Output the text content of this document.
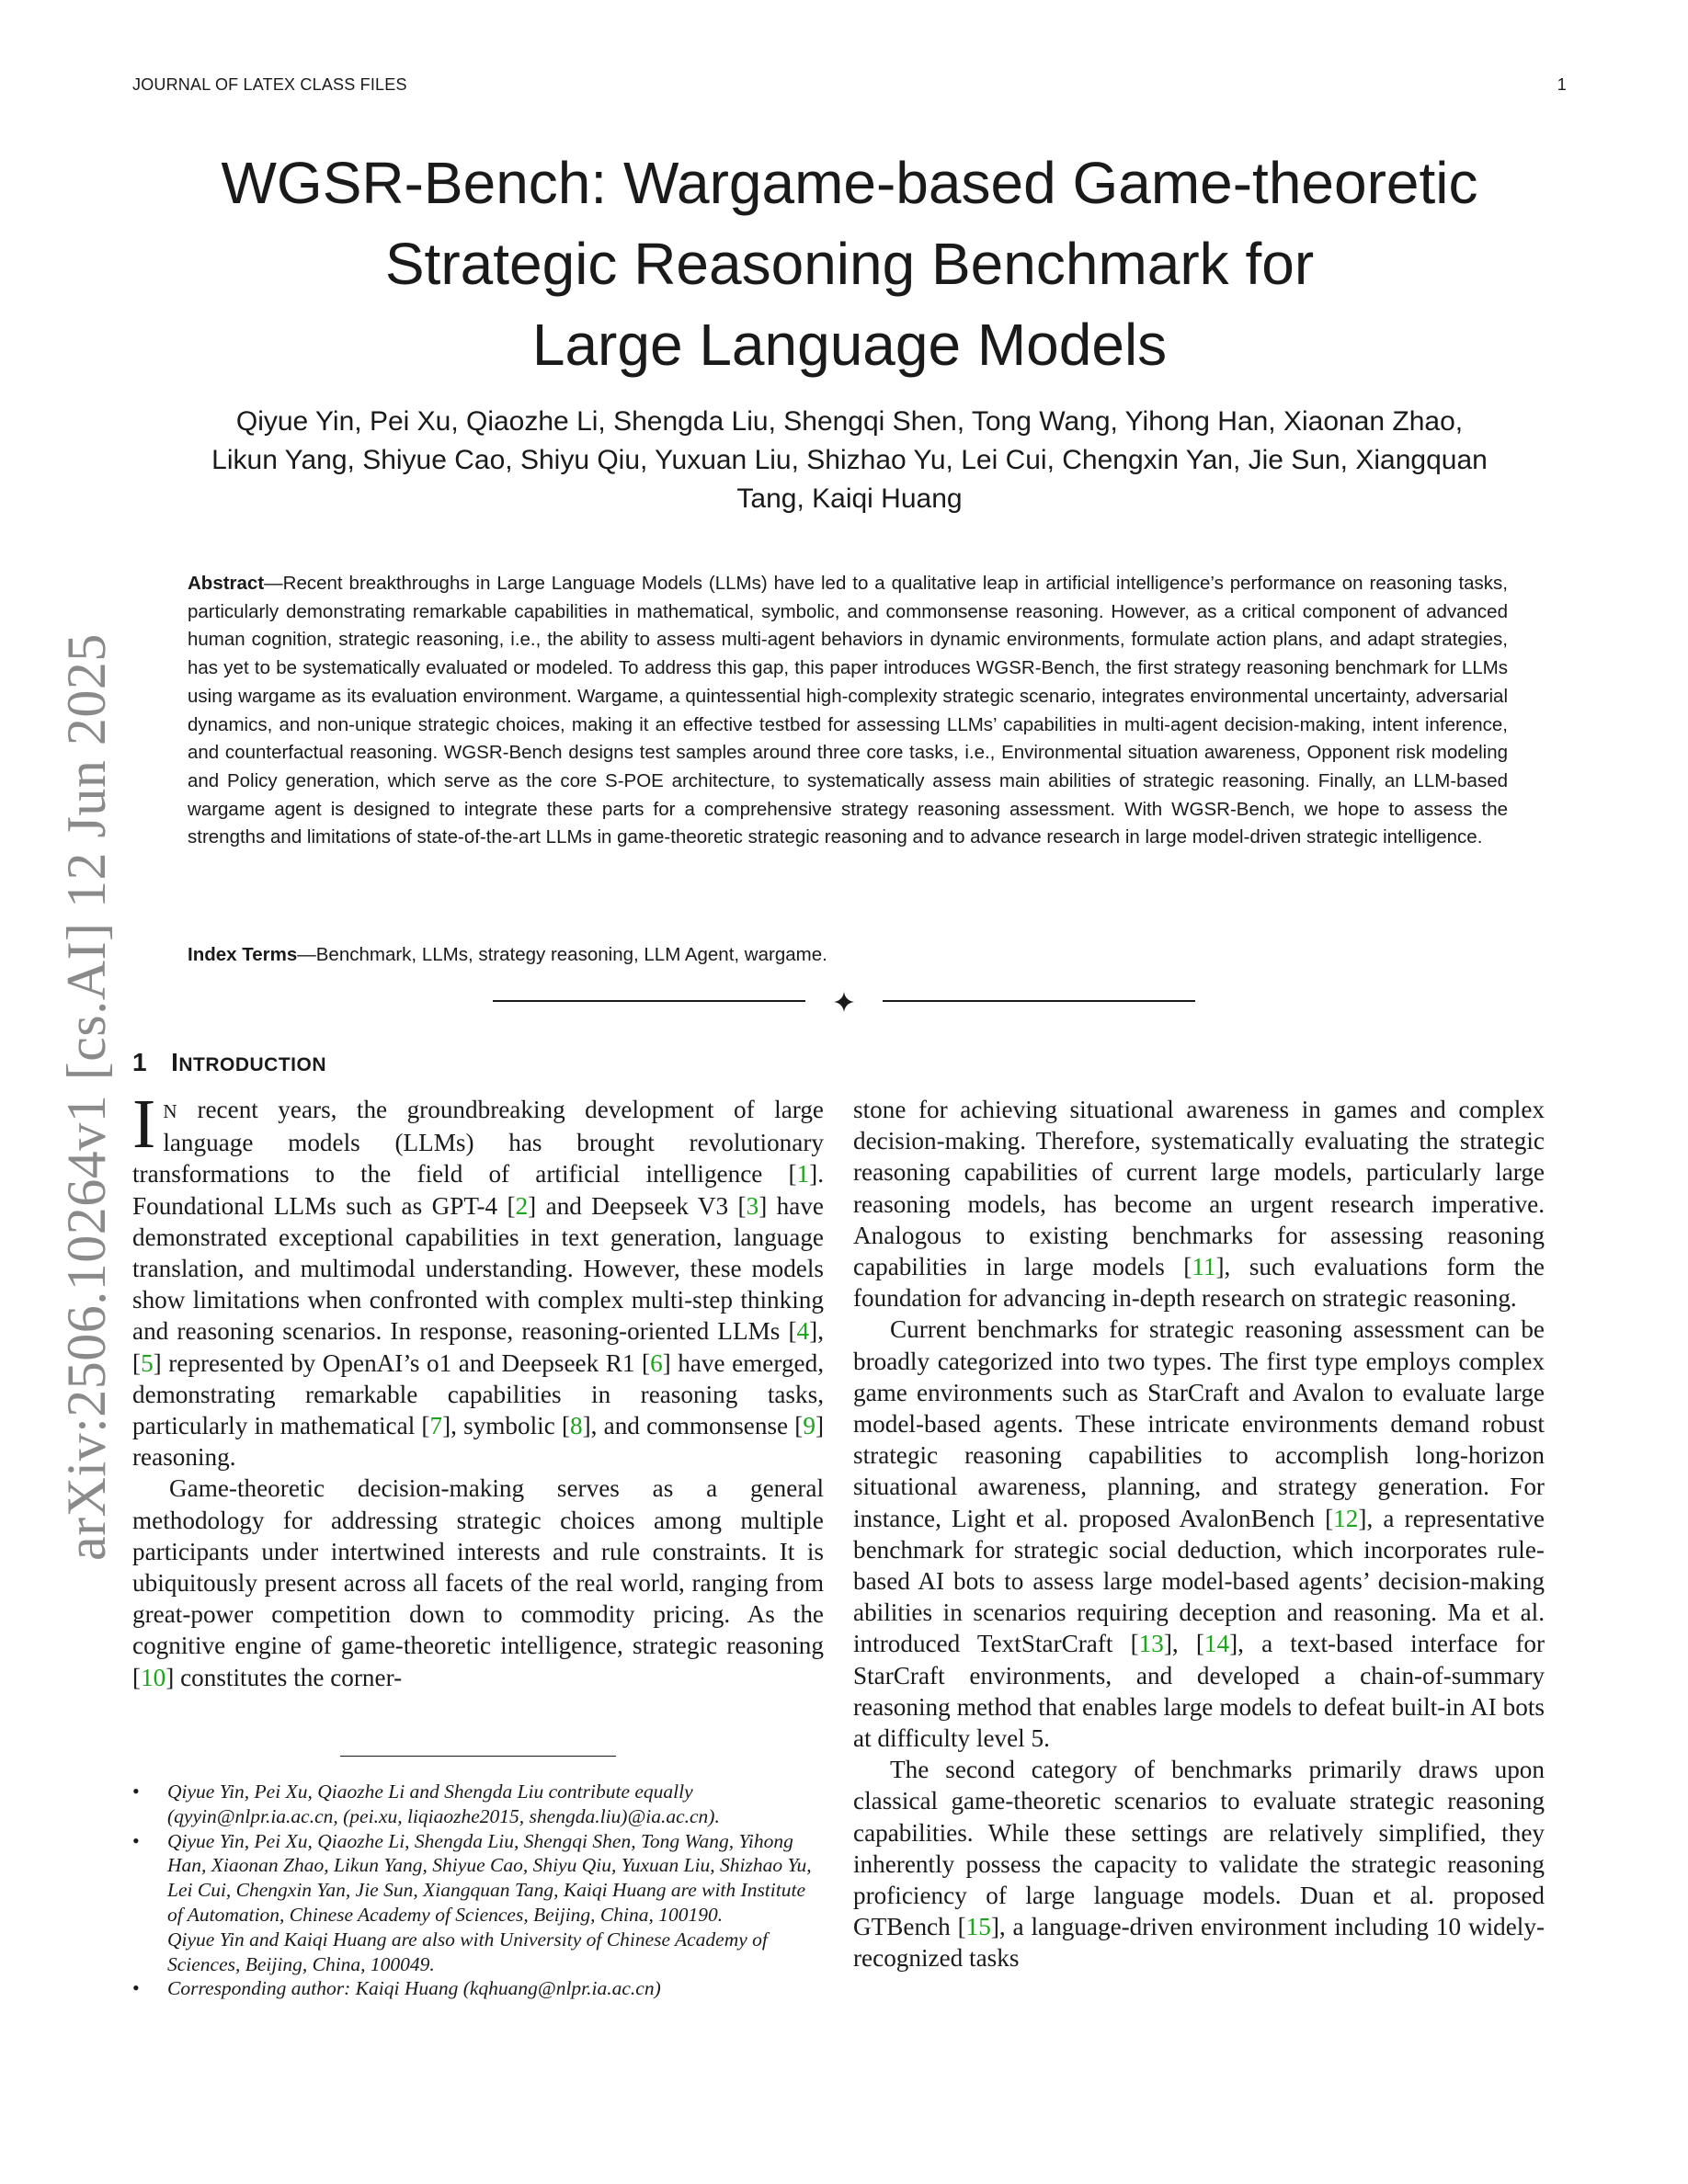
JOURNAL OF LATEX CLASS FILES	1
WGSR-Bench: Wargame-based Game-theoretic
Strategic Reasoning Benchmark for
Large Language Models
Qiyue Yin, Pei Xu, Qiaozhe Li, Shengda Liu, Shengqi Shen, Tong Wang, Yihong Han, Xiaonan Zhao,
Likun Yang, Shiyue Cao, Shiyu Qiu, Yuxuan Liu, Shizhao Yu, Lei Cui, Chengxin Yan, Jie Sun, Xiangquan
Tang, Kaiqi Huang
Abstract—Recent breakthroughs in Large Language Models (LLMs) have led to a qualitative leap in artificial intelligence’s performance on reasoning tasks, particularly demonstrating remarkable capabilities in mathematical, symbolic, and commonsense reasoning. However, as a critical component of advanced human cognition, strategic reasoning, i.e., the ability to assess multi-agent behaviors in dynamic environments, formulate action plans, and adapt strategies, has yet to be systematically evaluated or modeled. To address this gap, this paper introduces WGSR-Bench, the first strategy reasoning benchmark for LLMs using wargame as its evaluation environment. Wargame, a quintessential high-complexity strategic scenario, integrates environmental uncertainty, adversarial dynamics, and non-unique strategic choices, making it an effective testbed for assessing LLMs’ capabilities in multi-agent decision-making, intent inference, and counterfactual reasoning. WGSR-Bench designs test samples around three core tasks, i.e., Environmental situation awareness, Opponent risk modeling and Policy generation, which serve as the core S-POE architecture, to systematically assess main abilities of strategic reasoning. Finally, an LLM-based wargame agent is designed to integrate these parts for a comprehensive strategy reasoning assessment. With WGSR-Bench, we hope to assess the strengths and limitations of state-of-the-art LLMs in game-theoretic strategic reasoning and to advance research in large model-driven strategic intelligence.
Index Terms—Benchmark, LLMs, strategy reasoning, LLM Agent, wargame.
arXiv:2506.10264v1 [cs.AI] 12 Jun 2025 1 INTRODUCTION

I N recent years, the groundbreaking development of large language models (LLMs) has brought revolutionary transformations to the field of artificial intelligence [1]. Foundational LLMs such as GPT-4 [2] and Deepseek V3 [3] have demonstrated exceptional capabilities in text generation, language translation, and multimodal understanding. However, these models show limitations when confronted with complex multi-step thinking and reasoning scenarios. In response, reasoning-oriented LLMs [4], [5] represented by OpenAI’s o1 and Deepseek R1 [6] have emerged, demonstrating remarkable capabilities in reasoning tasks, particularly in mathematical [7], symbolic [8], and commonsense [9] reasoning.

Game-theoretic decision-making serves as a general methodology for addressing strategic choices among multiple participants under intertwined interests and rule constraints. It is ubiquitously present across all facets of the real world, ranging from great-power competition down to commodity pricing. As the cognitive engine of game-theoretic intelligence, strategic reasoning [10] constitutes the corner-

stone for achieving situational awareness in games and complex decision-making. Therefore, systematically evaluating the strategic reasoning capabilities of current large models, particularly large reasoning models, has become an urgent research imperative. Analogous to existing benchmarks for assessing reasoning capabilities in large models [11], such evaluations form the foundation for advancing in-depth research on strategic reasoning.

Current benchmarks for strategic reasoning assessment can be broadly categorized into two types. The first type employs complex game environments such as StarCraft and Avalon to evaluate large model-based agents. These intricate environments demand robust strategic reasoning capabilities to accomplish long-horizon situational awareness, planning, and strategy generation. For instance, Light et al. proposed AvalonBench [12], a representative benchmark for strategic social deduction, which incorporates rule-based AI bots to assess large model-based agents’ decision-making abilities in scenarios requiring deception and reasoning. Ma et al. introduced TextStarCraft [13], [14], a text-based interface for StarCraft environments, and developed a chain-of-summary reasoning method that enables large models to defeat built-in AI bots at difficulty level 5.

The second category of benchmarks primarily draws upon classical game-theoretic scenarios to evaluate strategic reasoning capabilities. While these settings are relatively simplified, they inherently possess the capacity to validate the strategic reasoning proficiency of large language models. Duan et al. proposed GTBench [15], a language-driven environment including 10 widely-recognized tasks

• Qiyue Yin, Pei Xu, Qiaozhe Li and Shengda Liu contribute equally (qyyin@nlpr.ia.ac.cn, (pei.xu, liqiaozhe2015, shengda.liu)@ia.ac.cn).
• Qiyue Yin, Pei Xu, Qiaozhe Li, Shengda Liu, Shengqi Shen, Tong Wang, Yihong Han, Xiaonan Zhao, Likun Yang, Shiyue Cao, Shiyu Qiu, Yuxuan Liu, Shizhao Yu, Lei Cui, Chengxin Yan, Jie Sun, Xiangquan Tang, Kaiqi Huang are with Institute of Automation, Chinese Academy of Sciences, Beijing, China, 100190.
Qiyue Yin and Kaiqi Huang are also with University of Chinese Academy of Sciences, Beijing, China, 100049.
• Corresponding author: Kaiqi Huang (kqhuang@nlpr.ia.ac.cn)
